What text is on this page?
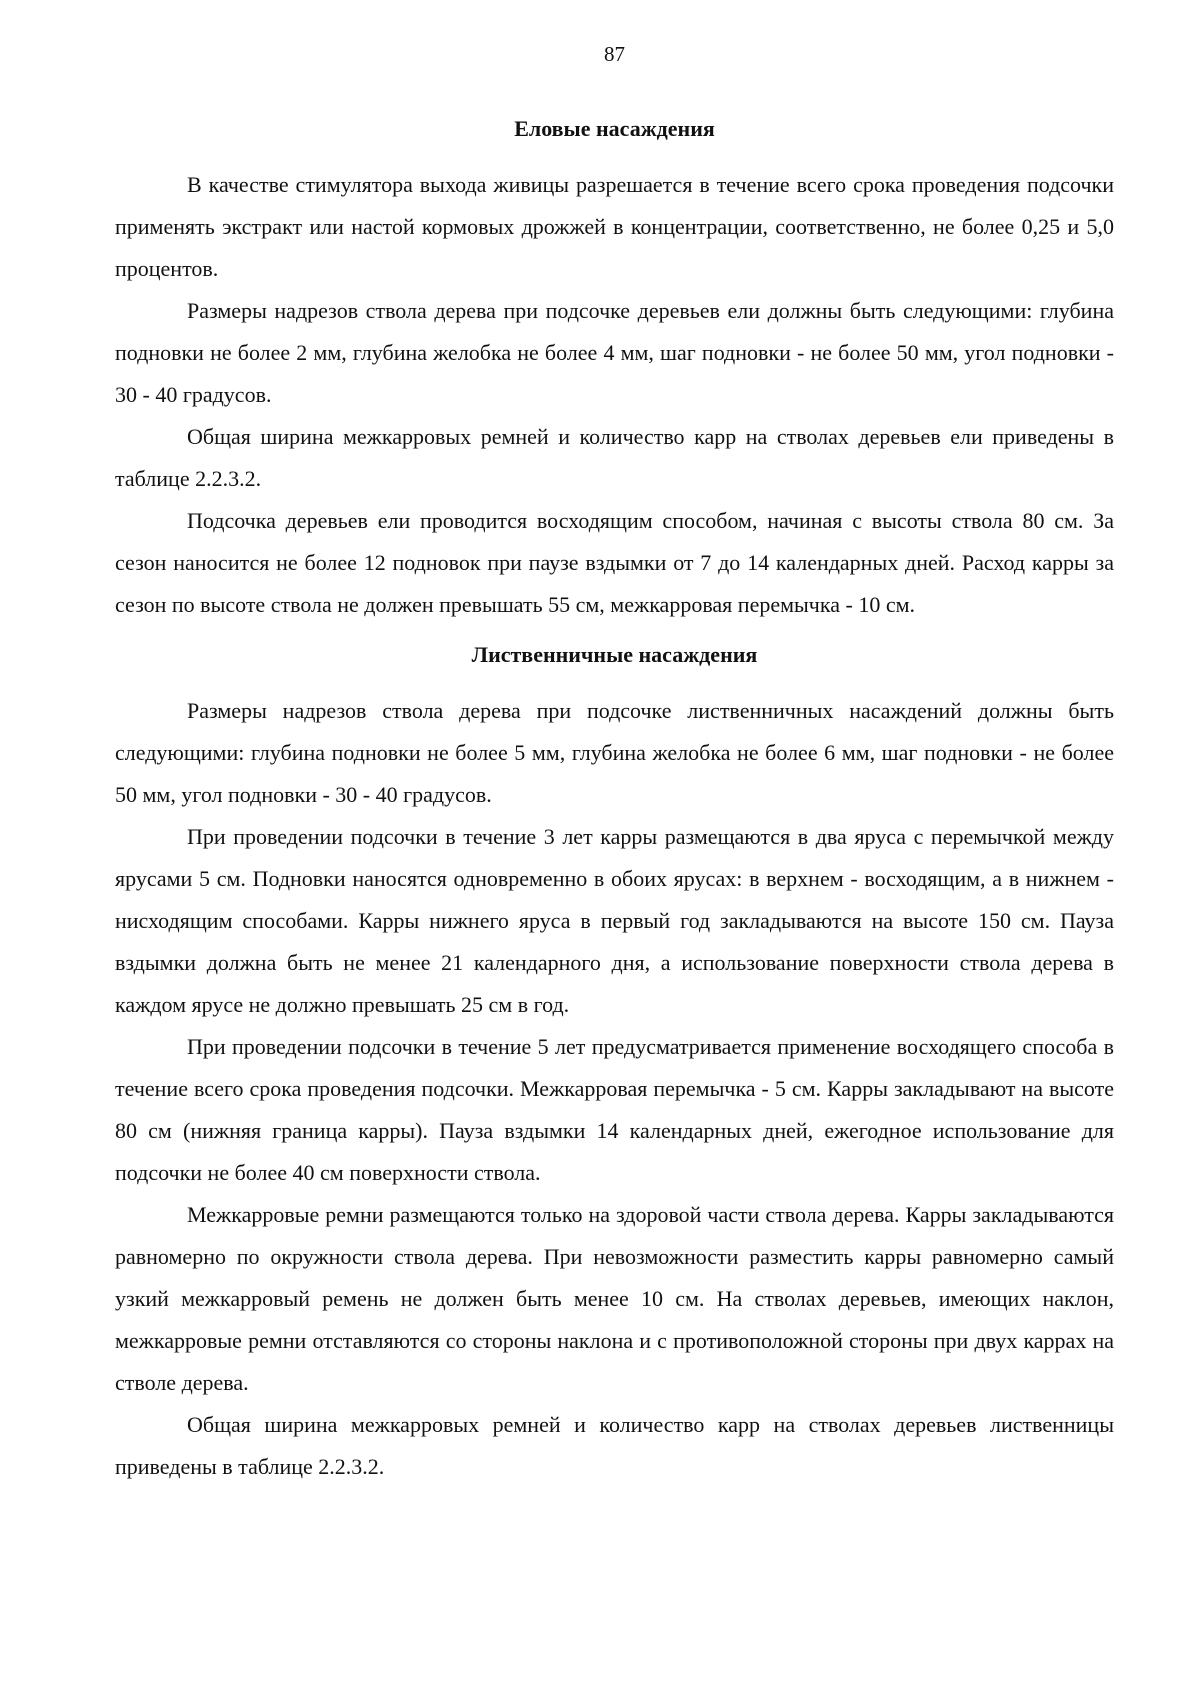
87
Еловые насаждения

В качестве стимулятора выхода живицы разрешается в течение всего срока проведения подсочки применять экстракт или настой кормовых дрожжей в концентрации, соответственно, не более 0,25 и 5,0 процентов.

Размеры надрезов ствола дерева при подсочке деревьев ели должны быть следующими: глубина подновки не более 2 мм, глубина желобка не более 4 мм, шаг подновки - не более 50 мм, угол подновки - 30 - 40 градусов.

Общая ширина межкарровых ремней и количество карр на стволах деревьев ели приведены в таблице 2.2.3.2.

Подсочка деревьев ели проводится восходящим способом, начиная с высоты ствола 80 см. За сезон наносится не более 12 подновок при паузе вздымки от 7 до 14 календарных дней. Расход карры за сезон по высоте ствола не должен превышать 55 см, межкарровая перемычка - 10 см.

Лиственничные насаждения

Размеры надрезов ствола дерева при подсочке лиственничных насаждений должны быть следующими: глубина подновки не более 5 мм, глубина желобка не более 6 мм, шаг подновки - не более 50 мм, угол подновки - 30 - 40 градусов.

При проведении подсочки в течение 3 лет карры размещаются в два яруса с перемычкой между ярусами 5 см. Подновки наносятся одновременно в обоих ярусах: в верхнем - восходящим, а в нижнем - нисходящим способами. Карры нижнего яруса в первый год закладываются на высоте 150 см. Пауза вздымки должна быть не менее 21 календарного дня, а использование поверхности ствола дерева в каждом ярусе не должно превышать 25 см в год.

При проведении подсочки в течение 5 лет предусматривается применение восходящего способа в течение всего срока проведения подсочки. Межкарровая перемычка - 5 см. Карры закладывают на высоте 80 см (нижняя граница карры). Пауза вздымки 14 календарных дней, ежегодное использование для подсочки не более 40 см поверхности ствола.

Межкарровые ремни размещаются только на здоровой части ствола дерева. Карры закладываются равномерно по окружности ствола дерева. При невозможности разместить карры равномерно самый узкий межкарровый ремень не должен быть менее 10 см. На стволах деревьев, имеющих наклон, межкарровые ремни отставляются со стороны наклона и с противоположной стороны при двух каррах на стволе дерева.

Общая ширина межкарровых ремней и количество карр на стволах деревьев лиственницы приведены в таблице 2.2.3.2.
